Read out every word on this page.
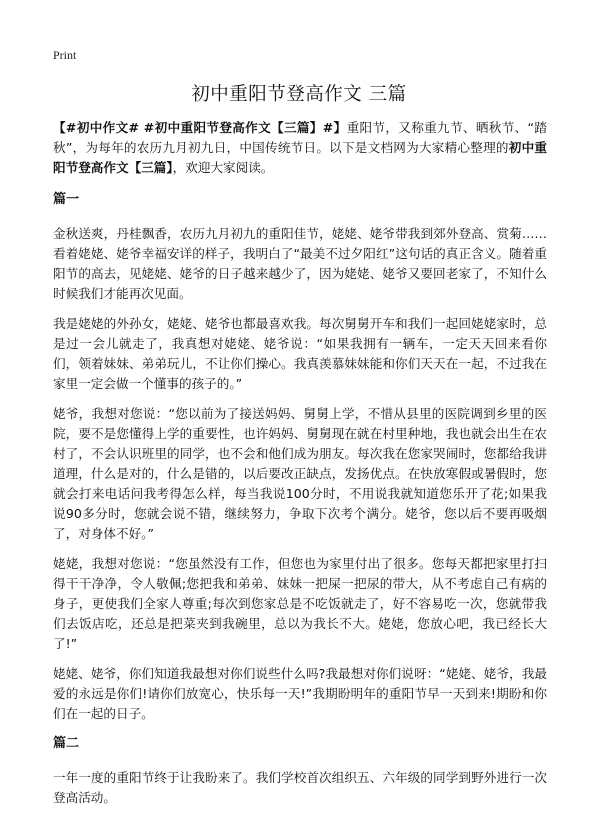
Print
初中重阳节登高作文 三篇

【#初中作文# #初中重阳节登高作文【三篇】#】重阳节，又称重九节、晒秋节、“踏秋”，为每年的农历九月初九日，中国传统节日。以下是文档网为大家精心整理的初中重阳节登高作文【三篇】，欢迎大家阅读。

篇一

金秋送爽，丹桂飘香，农历九月初九的重阳佳节，姥姥、姥爷带我到郊外登高、赏菊……看着姥姥、姥爷幸福安详的样子，我明白了“最美不过夕阳红”这句话的真正含义。随着重阳节的高去，见姥姥、姥爷的日子越来越少了，因为姥姥、姥爷又要回老家了，不知什么时候我们才能再次见面。

我是姥姥的外孙女，姥姥、姥爷也都最喜欢我。每次舅舅开车和我们一起回姥姥家时，总是过一会儿就走了，我真想对姥姥、姥爷说：“如果我拥有一辆车，一定天天回来看你们，领着妹妹、弟弟玩儿，不让你们操心。我真羡慕妹妹能和你们天天在一起，不过我在家里一定会做一个懂事的孩子的。”

姥爷，我想对您说：“您以前为了接送妈妈、舅舅上学，不惜从县里的医院调到乡里的医院，要不是您懂得上学的重要性，也许妈妈、舅舅现在就在村里种地，我也就会出生在农村了，不会认识班里的同学，也不会和他们成为朋友。每次我在您家哭闹时，您都给我讲道理，什么是对的，什么是错的，以后要改正缺点，发扬优点。在快放寒假或暑假时，您就会打来电话问我考得怎么样，每当我说100分时，不用说我就知道您乐开了花;如果我说90多分时，您就会说不错，继续努力，争取下次考个满分。姥爷，您以后不要再吸烟了，对身体不好。”

姥姥，我想对您说：“您虽然没有工作，但您也为家里付出了很多。您每天都把家里打扫得干干净净，令人敬佩;您把我和弟弟、妹妹一把屎一把尿的带大，从不考虑自己有病的身子，更使我们全家人尊重;每次到您家总是不吃饭就走了，好不容易吃一次，您就带我们去饭店吃，还总是把菜夹到我碗里，总以为我长不大。姥姥，您放心吧，我已经长大了!”

姥姥、姥爷，你们知道我最想对你们说些什么吗?我最想对你们说呀：“姥姥、姥爷，我最爱的永远是你们!请你们放宽心，快乐每一天!”我期盼明年的重阳节早一天到来!期盼和你们在一起的日子。

篇二

一年一度的重阳节终于让我盼来了。我们学校首次组织五、六年级的同学到野外进行一次登高活动。
